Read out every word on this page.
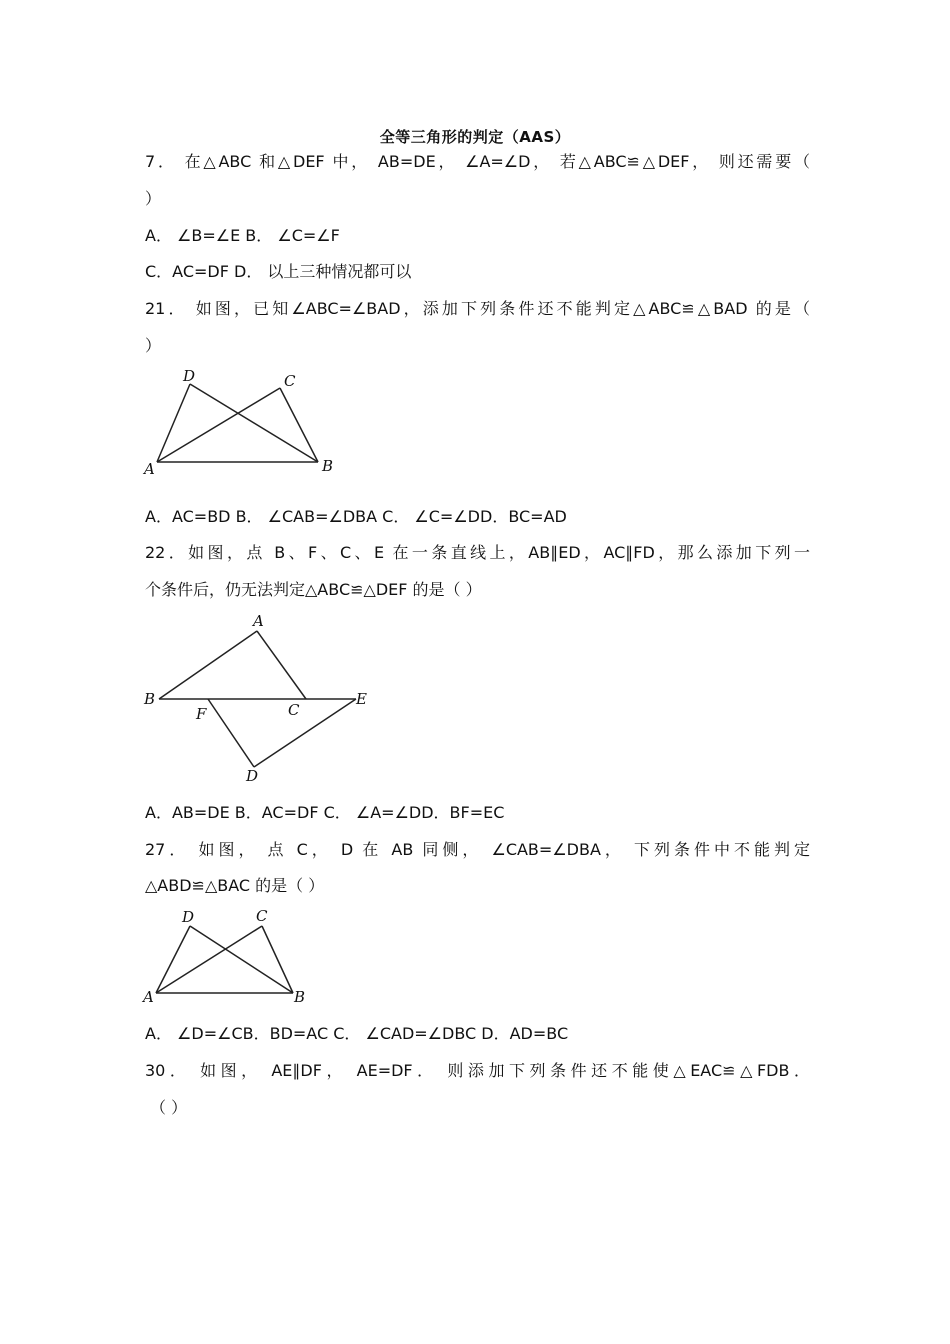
全等三角形的判定（AAS）
7． 在△ABC 和△DEF 中， AB=DE， ∠A=∠D， 若△ABC≌△DEF， 则还需要（
）
A． ∠B=∠E B． ∠C=∠F
C．AC=DF D． 以上三种情况都可以
21． 如图，已知∠ABC=∠BAD，添加下列条件还不能判定△ABC≌△BAD 的是（
）
D	C
A	B
A．AC=BD B． ∠CAB=∠DBA C． ∠C=∠DD．BC=AD
22．如图，点 B、F、C、E 在一条直线上，AB∥ED，AC∥FD，那么添加下列一
个条件后，仍无法判定△ABC≌△DEF 的是（ ）
A
B
F	C
E
D
A．AB=DE B．AC=DF C． ∠A=∠DD．BF=EC
27． 如图， 点 C， D 在 AB 同侧， ∠CAB=∠DBA， 下列条件中不能判定
△ABD≌△BAC 的是（ ）
D	C
A	B
A． ∠D=∠CB．BD=AC C． ∠CAD=∠DBC D．AD=BC
30． 如图， AE∥DF， AE=DF． 则添加下列条件还不能使△EAC≌△FDB．
（ ）
